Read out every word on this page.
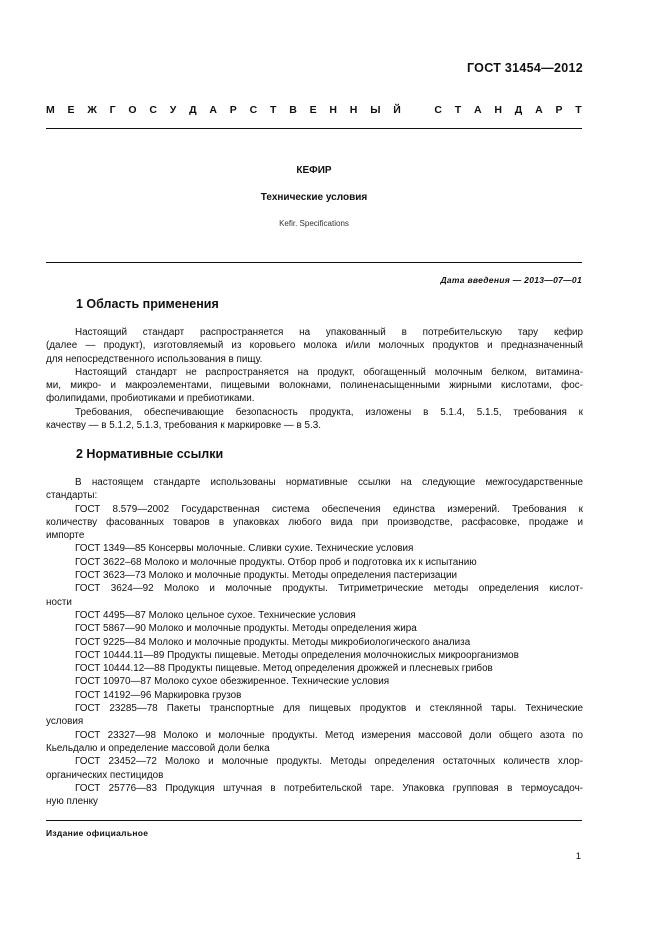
ГОСТ 31454—2012
М Е Ж Г О С У Д А Р С Т В Е Н Н Ы Й	С Т А Н Д А Р Т
КЕФИР
Технические условия
Kefir. Specifications
Дата введения — 2013—07—01
1 Область применения
Настоящий стандарт распространяется на упакованный в потребительскую тару кефир
(далее — продукт), изготовляемый из коровьего молока и/или молочных продуктов и предназначенный
для непосредственного использования в пищу.
Настоящий стандарт не распространяется на продукт, обогащенный молочным белком, витамина-
ми, микро- и макроэлементами, пищевыми волокнами, полиненасыщенными жирными кислотами, фос-
фолипидами, пробиотиками и пребиотиками.
Требования, обеспечивающие безопасность продукта, изложены в 5.1.4, 5.1.5, требования к
качеству — в 5.1.2, 5.1.3, требования к маркировке — в 5.3.
2 Нормативные ссылки
В настоящем стандарте использованы нормативные ссылки на следующие межгосударственные
стандарты:
ГОСТ 8.579—2002 Государственная система обеспечения единства измерений. Требования к
количеству фасованных товаров в упаковках любого вида при производстве, расфасовке, продаже и
импорте
ГОСТ 1349—85 Консервы молочные. Сливки сухие. Технические условия
ГОСТ 3622–68 Молоко и молочные продукты. Отбор проб и подготовка их к испытанию
ГОСТ 3623—73 Молоко и молочные продукты. Методы определения пастеризации
ГОСТ 3624—92 Молоко и молочные продукты. Титриметрические методы определения кислот-
ности
ГОСТ 4495—87 Молоко цельное сухое. Технические условия
ГОСТ 5867—90 Молоко и молочные продукты. Методы определения жира
ГОСТ 9225—84 Молоко и молочные продукты. Методы микробиологического анализа
ГОСТ 10444.11—89 Продукты пищевые. Методы определения молочнокислых микроорганизмов
ГОСТ 10444.12—88 Продукты пищевые. Метод определения дрожжей и плесневых грибов
ГОСТ 10970—87 Молоко сухое обезжиренное. Технические условия
ГОСТ 14192—96 Маркировка грузов
ГОСТ 23285—78 Пакеты транспортные для пищевых продуктов и стеклянной тары. Технические
условия
ГОСТ 23327—98 Молоко и молочные продукты. Метод измерения массовой доли общего азота по
Кьельдалю и определение массовой доли белка
ГОСТ 23452—72 Молоко и молочные продукты. Методы определения остаточных количеств хлор-
органических пестицидов
ГОСТ 25776—83 Продукция штучная в потребительской таре. Упаковка групповая в термоусадоч-
ную пленку
Издание официальное
1
